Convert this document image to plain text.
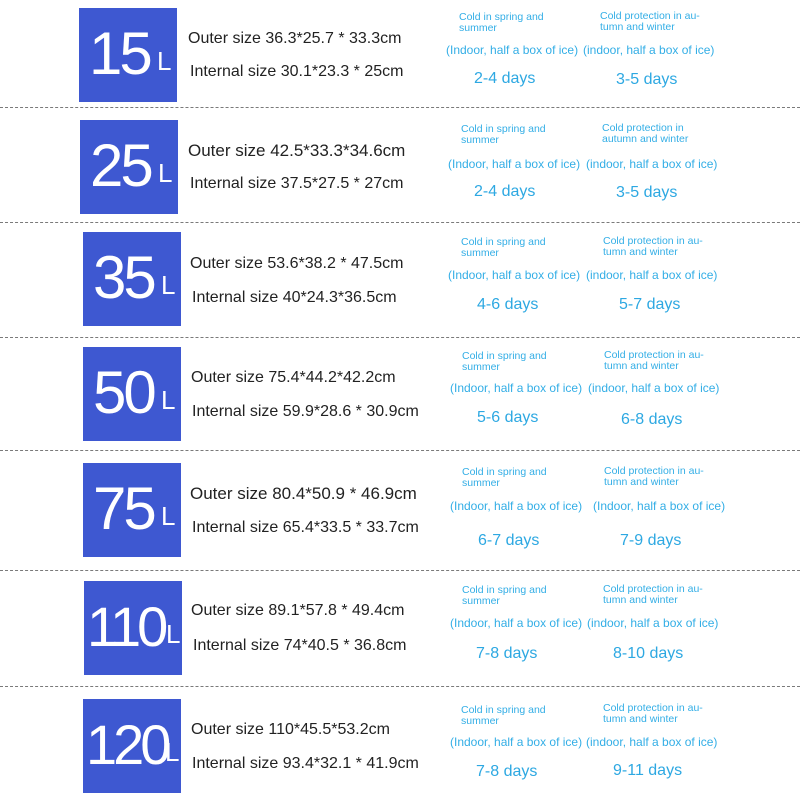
15 L
Outer size 36.3*25.7 * 33.3cm
Internal size 30.1*23.3 * 25cm
Cold in spring and summer
Cold protection in au-tumn and winter
(Indoor, half a box of ice) (indoor, half a box of ice)
2-4 days	3-5 days
25 L
Outer size 42.5*33.3*34.6cm
Internal size 37.5*27.5 * 27cm
Cold in spring and summer
Cold protection in autumn and winter
(Indoor, half a box of ice) (indoor, half a box of ice)
2-4 days	3-5 days
35 L
Outer size 53.6*38.2 * 47.5cm
Internal size 40*24.3*36.5cm
Cold in spring and summer
Cold protection in au-tumn and winter
(Indoor, half a box of ice) (indoor, half a box of ice)
4-6 days	5-7 days
50 L
Outer size 75.4*44.2*42.2cm
Internal size 59.9*28.6 * 30.9cm
Cold in spring and summer
Cold protection in au-tumn and winter
(Indoor, half a box of ice) (indoor, half a box of ice)
5-6 days	6-8 days
75 L
Outer size 80.4*50.9 * 46.9cm
Internal size 65.4*33.5 * 33.7cm
Cold in spring and summer
Cold protection in au-tumn and winter
(Indoor, half a box of ice) (Indoor, half a box of ice)
6-7 days	7-9 days
110 L
Outer size 89.1*57.8 * 49.4cm
Internal size 74*40.5 * 36.8cm
Cold in spring and summer
Cold protection in au-tumn and winter
(Indoor, half a box of ice) (indoor, half a box of ice)
7-8 days	8-10 days
120
L
Outer size 110*45.5*53.2cm
Internal size 93.4*32.1 * 41.9cm
Cold in spring and summer
Cold protection in au-tumn and winter
(Indoor, half a box of ice) (indoor, half a box of ice)
7-8 days	9-11 days
